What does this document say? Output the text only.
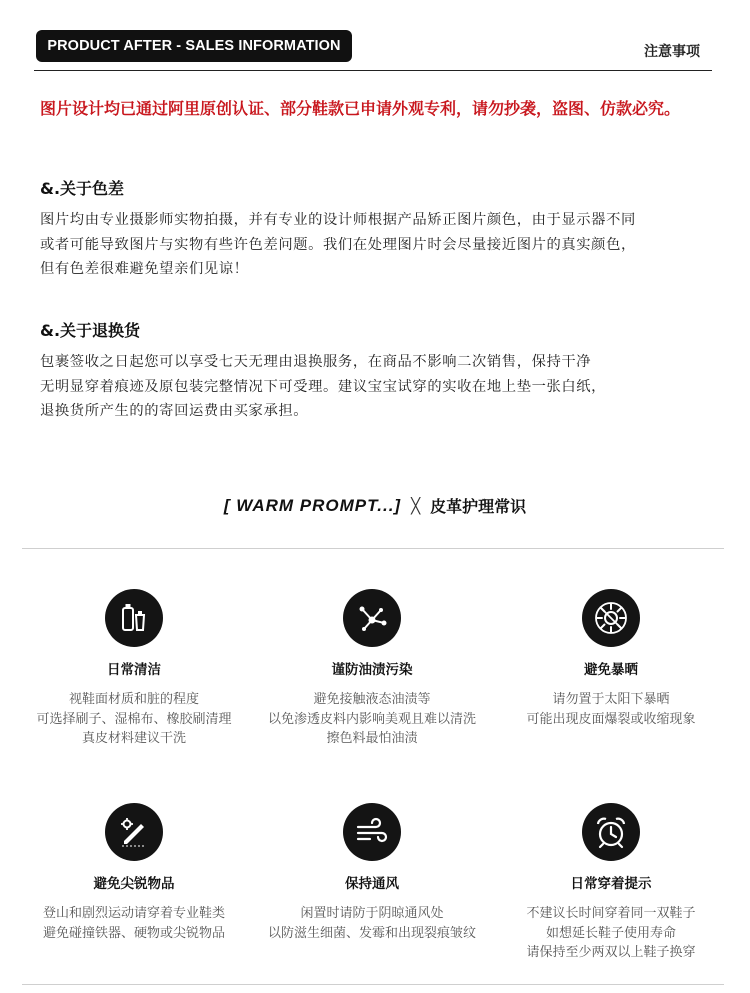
PRODUCT AFTER - SALES INFORMATION	注意事项
图片设计均已通过阿里原创认证、部分鞋款已申请外观专利，请勿抄袭，盗图、仿款必究。
&.关于色差
图片均由专业摄影师实物拍摄，并有专业的设计师根据产品矫正图片颜色，由于显示器不同
或者可能导致图片与实物有些许色差问题。我们在处理图片时会尽量接近图片的真实颜色，
但有色差很难避免望亲们见谅！
&.关于退换货
包裹签收之日起您可以享受七天无理由退换服务，在商品不影响二次销售，保持干净
无明显穿着痕迹及原包装完整情况下可受理。建议宝宝试穿的实收在地上垫一张白纸，
退换货所产生的的寄回运费由买家承担。
[ WARM PROMPT...] ╳ 皮革护理常识
日常清洁
视鞋面材质和脏的程度
可选择刷子、湿棉布、橡胶刷清理
真皮材料建议干洗
谨防油渍污染
避免接触液态油渍等
以免渗透皮料内影响美观且难以清洗
擦色料最怕油渍
避免暴晒
请勿置于太阳下暴晒
可能出现皮面爆裂或收缩现象
避免尖锐物品
登山和剧烈运动请穿着专业鞋类
避免碰撞铁器、硬物或尖锐物品
保持通风
闲置时请防于阴晾通风处
以防滋生细菌、发霉和出现裂痕皱纹
日常穿着提示
不建议长时间穿着同一双鞋子
如想延长鞋子使用寿命
请保持至少两双以上鞋子换穿
